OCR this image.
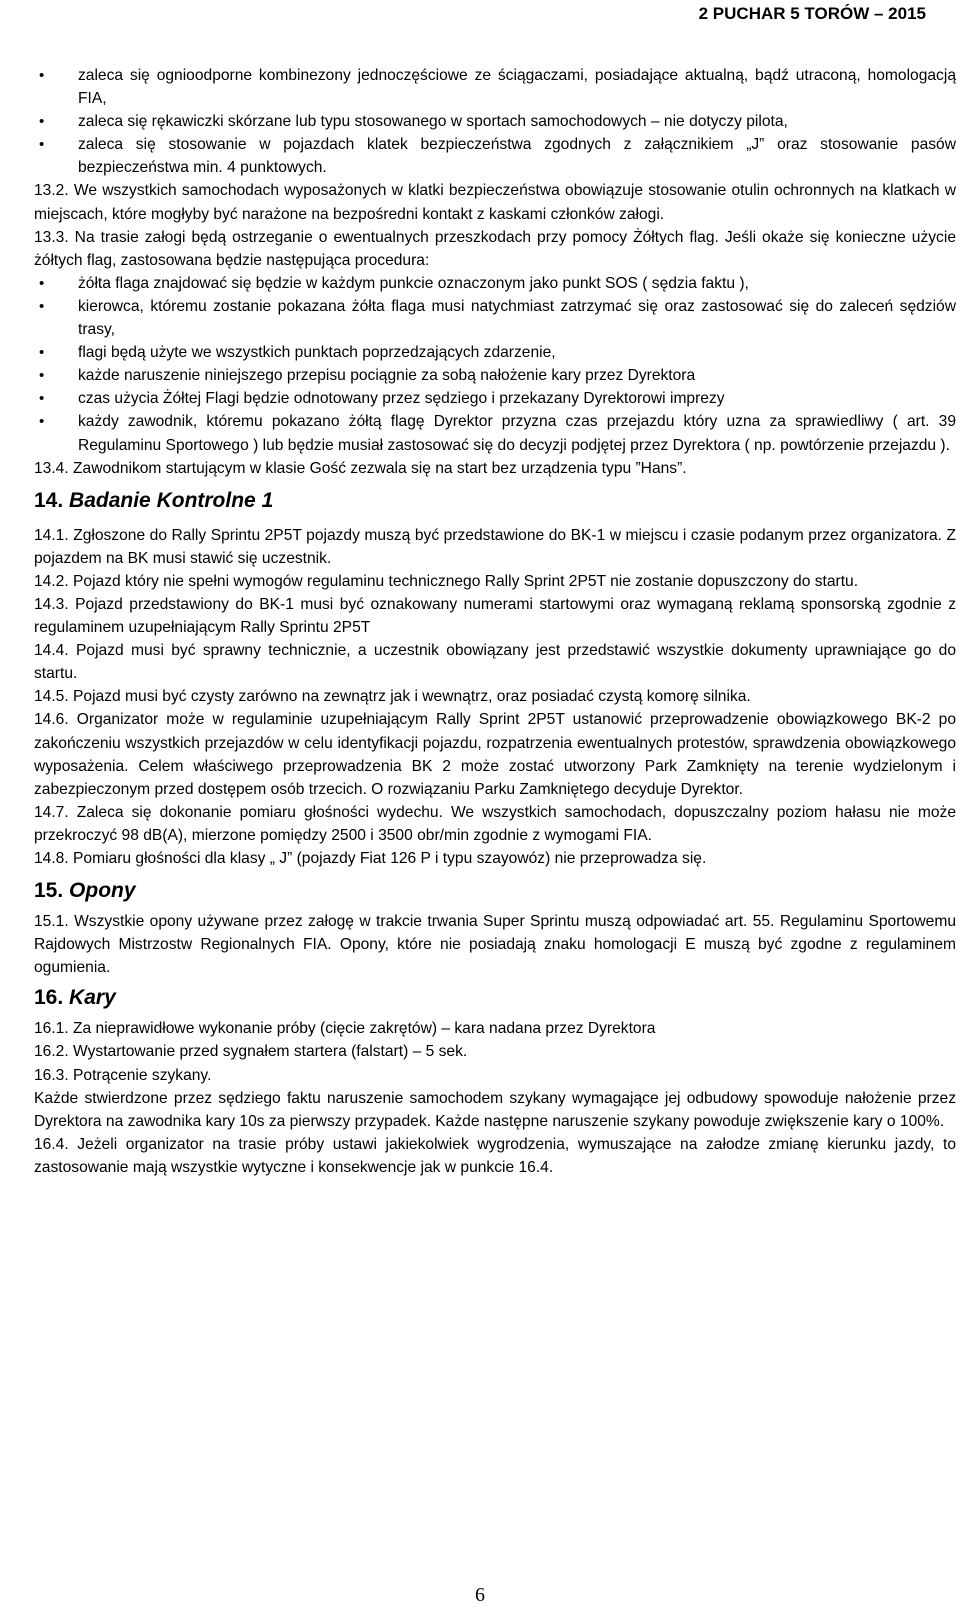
2 PUCHAR 5 TORÓW – 2015
• zaleca się ognioodporne kombinezony jednoczęściowe ze ściągaczami, posiadające aktualną, bądź utraconą, homologacją FIA,
• zaleca się rękawiczki skórzane lub typu stosowanego w sportach samochodowych – nie dotyczy pilota,
• zaleca się stosowanie w pojazdach klatek bezpieczeństwa zgodnych z załącznikiem „J” oraz stosowanie pasów bezpieczeństwa min. 4 punktowych.

13.2. We wszystkich samochodach wyposażonych w klatki bezpieczeństwa obowiązuje stosowanie otulin ochronnych na klatkach w miejscach, które mogłyby być narażone na bezpośredni kontakt z kaskami członków załogi.

13.3. Na trasie załogi będą ostrzeganie o ewentualnych przeszkodach przy pomocy Żółtych flag. Jeśli okaże się konieczne użycie żółtych flag, zastosowana będzie następująca procedura:

• żółta flaga znajdować się będzie w każdym punkcie oznaczonym jako punkt SOS ( sędzia faktu ),
• kierowca, któremu zostanie pokazana żółta flaga musi natychmiast zatrzymać się oraz zastosować się do zaleceń sędziów trasy,
• flagi będą użyte we wszystkich punktach poprzedzających zdarzenie,
• każde naruszenie niniejszego przepisu pociągnie za sobą nałożenie kary przez Dyrektora
• czas użycia Żółtej Flagi będzie odnotowany przez sędziego i przekazany Dyrektorowi imprezy
• każdy zawodnik, któremu pokazano żółtą flagę Dyrektor przyzna czas przejazdu który uzna za sprawiedliwy ( art. 39 Regulaminu Sportowego ) lub będzie musiał zastosować się do decyzji podjętej przez Dyrektora ( np. powtórzenie przejazdu ).

13.4. Zawodnikom startującym w klasie Gość zezwala się na start bez urządzenia typu ”Hans”.

14. Badanie Kontrolne 1

14.1. Zgłoszone do Rally Sprintu 2P5T pojazdy muszą być przedstawione do BK-1 w miejscu i czasie podanym przez organizatora. Z pojazdem na BK musi stawić się uczestnik.

14.2. Pojazd który nie spełni wymogów regulaminu technicznego Rally Sprint 2P5T nie zostanie dopuszczony do startu.

14.3. Pojazd przedstawiony do BK-1 musi być oznakowany numerami startowymi oraz wymaganą reklamą sponsorską zgodnie z regulaminem uzupełniającym Rally Sprintu 2P5T

14.4. Pojazd musi być sprawny technicznie, a uczestnik obowiązany jest przedstawić wszystkie dokumenty uprawniające go do startu.

14.5. Pojazd musi być czysty zarówno na zewnątrz jak i wewnątrz, oraz posiadać czystą komorę silnika.

14.6. Organizator może w regulaminie uzupełniającym Rally Sprint 2P5T ustanowić przeprowadzenie obowiązkowego BK-2 po zakończeniu wszystkich przejazdów w celu identyfikacji pojazdu, rozpatrzenia ewentualnych protestów, sprawdzenia obowiązkowego wyposażenia. Celem właściwego przeprowadzenia BK 2 może zostać utworzony Park Zamknięty na terenie wydzielonym i zabezpieczonym przed dostępem osób trzecich. O rozwiązaniu Parku Zamkniętego decyduje Dyrektor.

14.7. Zaleca się dokonanie pomiaru głośności wydechu. We wszystkich samochodach, dopuszczalny poziom hałasu nie może przekroczyć 98 dB(A), mierzone pomiędzy 2500 i 3500 obr/min zgodnie z wymogami FIA.

14.8. Pomiaru głośności dla klasy „ J” (pojazdy Fiat 126 P i typu szayowóz) nie przeprowadza się.

15. Opony

15.1. Wszystkie opony używane przez załogę w trakcie trwania Super Sprintu muszą odpowiadać art. 55. Regulaminu Sportowemu Rajdowych Mistrzostw Regionalnych FIA. Opony, które nie posiadają znaku homologacji E muszą być zgodne z regulaminem ogumienia.

16. Kary

16.1. Za nieprawidłowe wykonanie próby (cięcie zakrętów) – kara nadana przez Dyrektora

16.2. Wystartowanie przed sygnałem startera (falstart) – 5 sek.

16.3. Potrącenie szykany.

Każde stwierdzone przez sędziego faktu naruszenie samochodem szykany wymagające jej odbudowy spowoduje nałożenie przez Dyrektora na zawodnika kary 10s za pierwszy przypadek. Każde następne naruszenie szykany powoduje zwiększenie kary o 100%.

16.4. Jeżeli organizator na trasie próby ustawi jakiekolwiek wygrodzenia, wymuszające na załodze zmianę kierunku jazdy, to zastosowanie mają wszystkie wytyczne i konsekwencje jak w punkcie 16.4.

6
